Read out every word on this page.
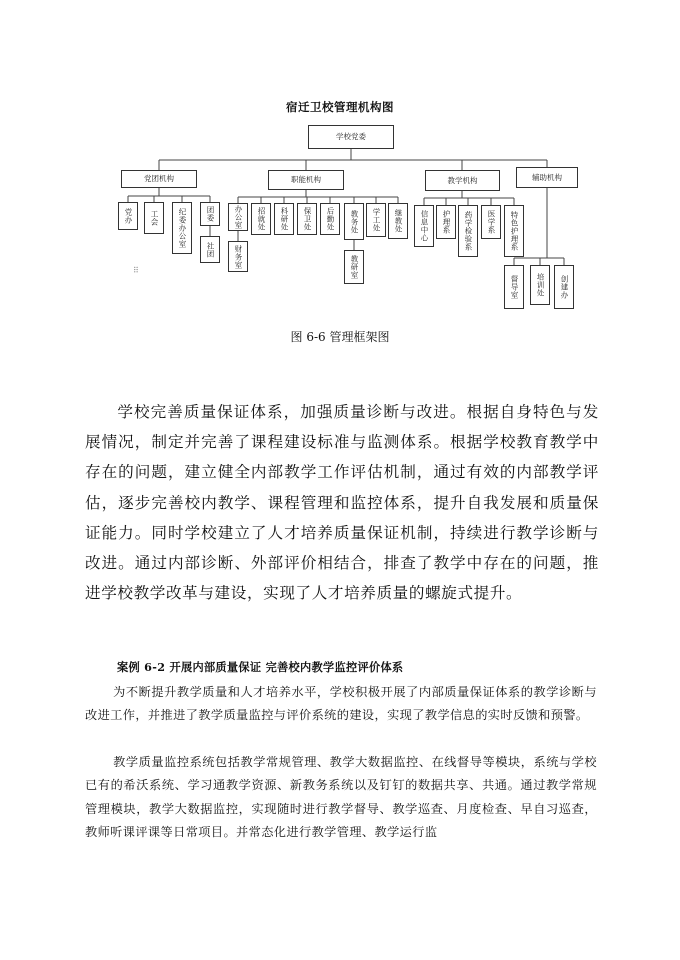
宿迁卫校管理机构图
学校党委
党团机构	职能机构	教学机构	辅助机构
党办	工会	纪委办公室	团委
社团
办公室	招就处	科研处	保卫处	后勤处	教务处	学工处	继教处
财务室	教研室
信息中心	护理系	药学检验系	医学系	特色护理系
督导室	培训处	创建办
⠿
图 6-6 管理框架图

学校完善质量保证体系，加强质量诊断与改进。根据自身特色与发展情况，制定并完善了课程建设标准与监测体系。根据学校教育教学中存在的问题，建立健全内部教学工作评估机制，通过有效的内部教学评估，逐步完善校内教学、课程管理和监控体系，提升自我发展和质量保证能力。同时学校建立了人才培养质量保证机制，持续进行教学诊断与改进。通过内部诊断、外部评价相结合，排查了教学中存在的问题，推进学校教学改革与建设，实现了人才培养质量的螺旋式提升。

案例 6-2 开展内部质量保证 完善校内教学监控评价体系

为不断提升教学质量和人才培养水平，学校积极开展了内部质量保证体系的教学诊断与改进工作，并推进了教学质量监控与评价系统的建设，实现了教学信息的实时反馈和预警。

教学质量监控系统包括教学常规管理、教学大数据监控、在线督导等模块，系统与学校已有的希沃系统、学习通教学资源、新教务系统以及钉钉的数据共享、共通。通过教学常规管理模块，教学大数据监控，实现随时进行教学督导、教学巡查、月度检查、早自习巡查，教师听课评课等日常项目。并常态化进行教学管理、教学运行监
